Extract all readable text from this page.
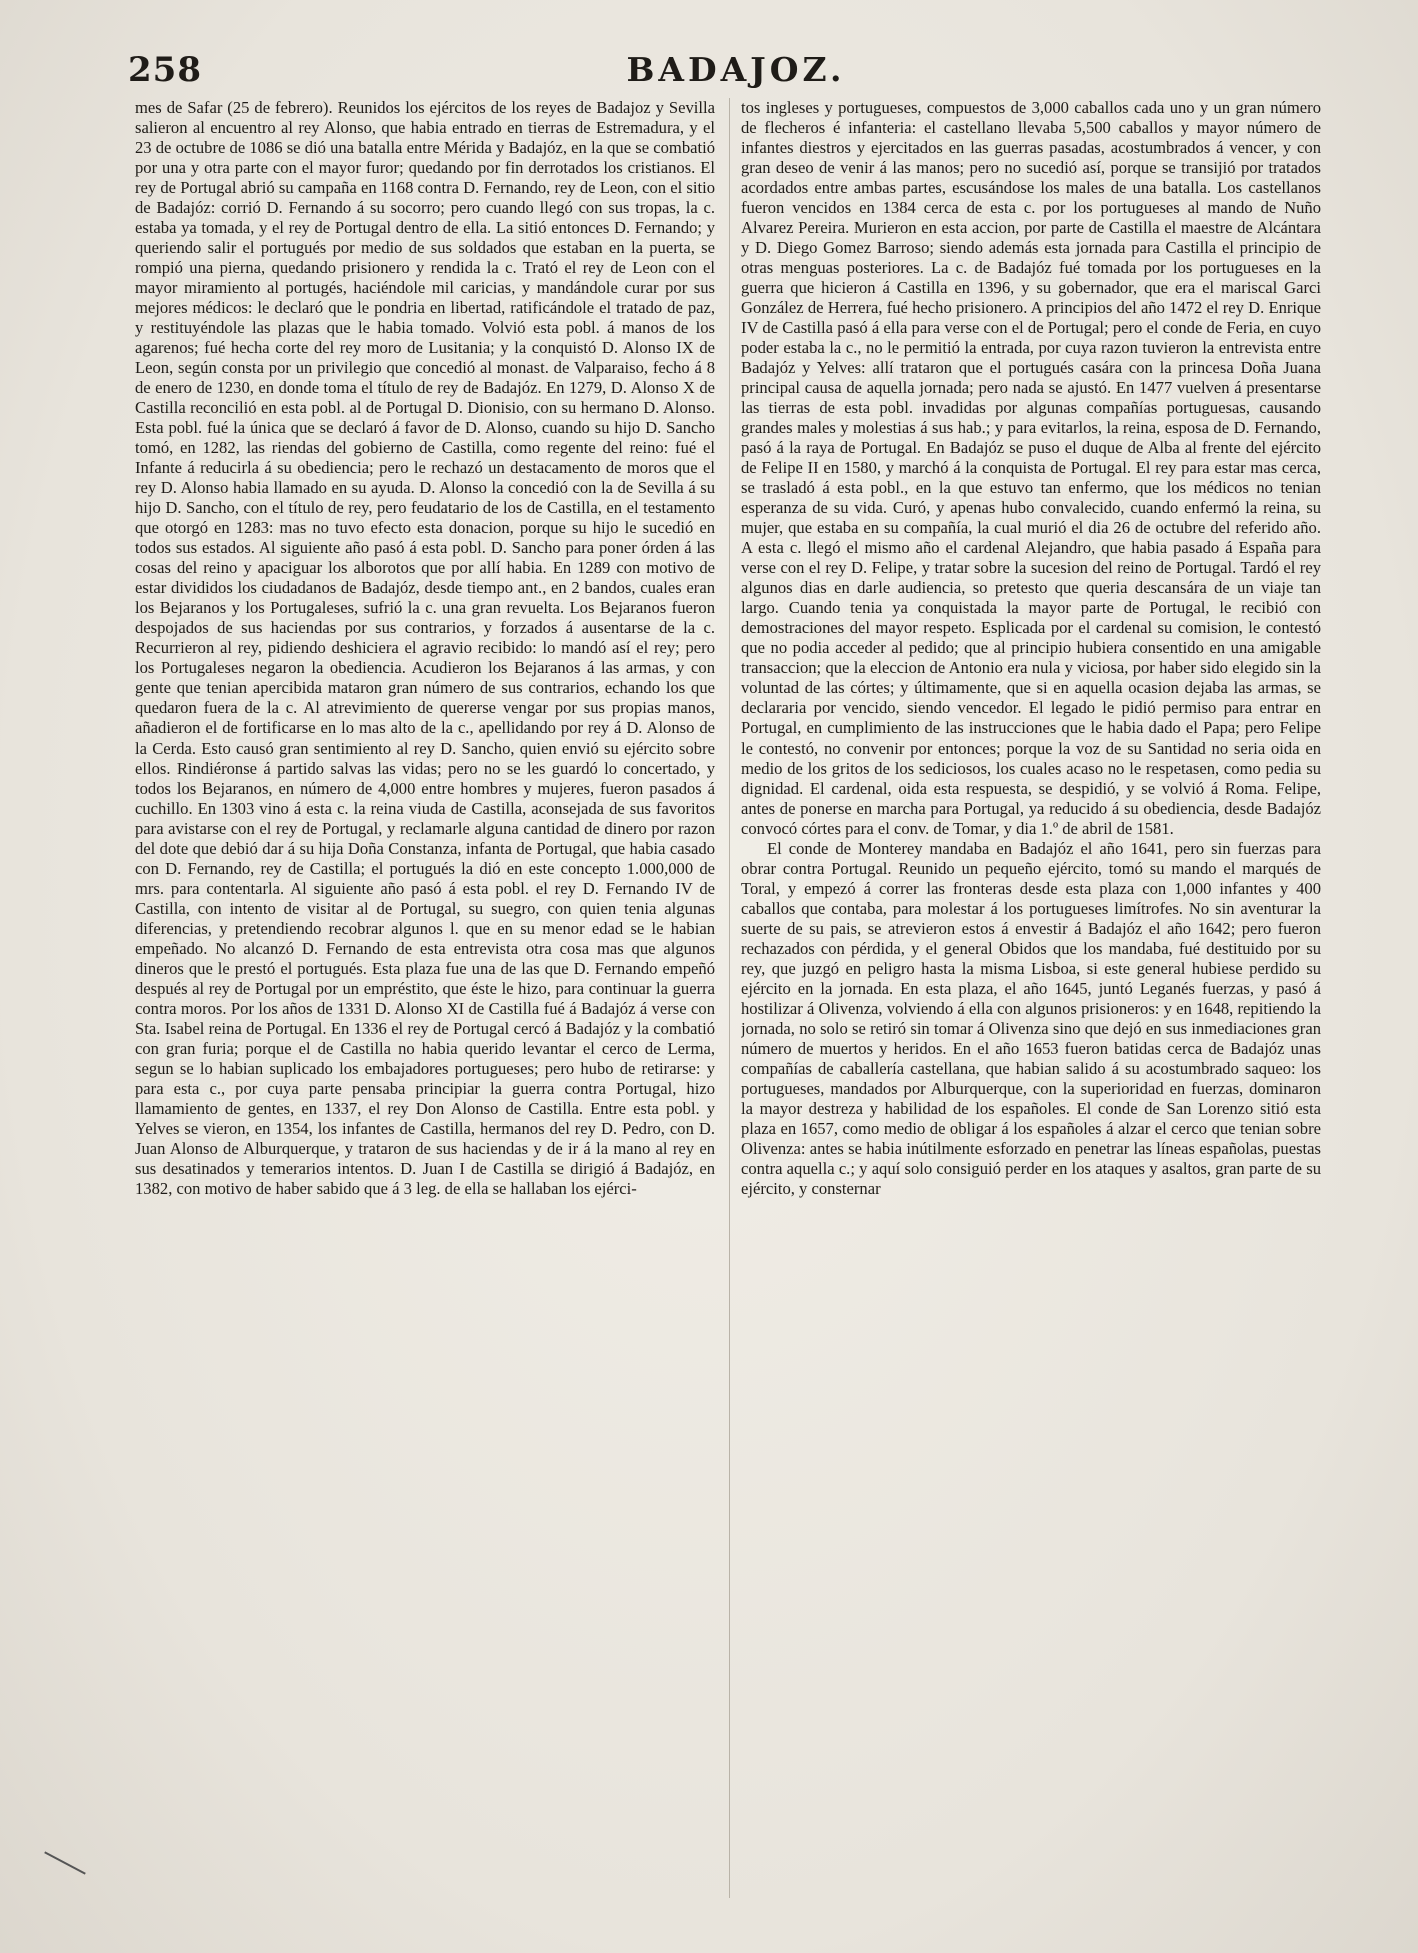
258	BADAJOZ.

mes de Safar (25 de febrero). Reunidos los ejércitos de los reyes de Badajoz y Sevilla salieron al encuentro al rey Alonso, que habia entrado en tierras de Estremadura, y el 23 de octubre de 1086 se dió una batalla entre Mérida y Badajóz, en la que se combatió por una y otra parte con el mayor furor; quedando por fin derrotados los cristianos. El rey de Portugal abrió su campaña en 1168 contra D. Fernando, rey de Leon, con el sitio de Badajóz: corrió D. Fernando á su socorro; pero cuando llegó con sus tropas, la c. estaba ya tomada, y el rey de Portugal dentro de ella. La sitió entonces D. Fernando; y queriendo salir el portugués por medio de sus soldados que estaban en la puerta, se rompió una pierna, quedando prisionero y rendida la c. Trató el rey de Leon con el mayor miramiento al portugés, haciéndole mil caricias, y mandándole curar por sus mejores médicos: le declaró que le pondria en libertad, ratificándole el tratado de paz, y restituyéndole las plazas que le habia tomado. Volvió esta pobl. á manos de los agarenos; fué hecha corte del rey moro de Lusitania; y la conquistó D. Alonso IX de Leon, según consta por un privilegio que concedió al monast. de Valparaiso, fecho á 8 de enero de 1230, en donde toma el título de rey de Badajóz. En 1279, D. Alonso X de Castilla reconcilió en esta pobl. al de Portugal D. Dionisio, con su hermano D. Alonso. Esta pobl. fué la única que se declaró á favor de D. Alonso, cuando su hijo D. Sancho tomó, en 1282, las riendas del gobierno de Castilla, como regente del reino: fué el Infante á reducirla á su obediencia; pero le rechazó un destacamento de moros que el rey D. Alonso habia llamado en su ayuda. D. Alonso la concedió con la de Sevilla á su hijo D. Sancho, con el título de rey, pero feudatario de los de Castilla, en el testamento que otorgó en 1283: mas no tuvo efecto esta donacion, porque su hijo le sucedió en todos sus estados. Al siguiente año pasó á esta pobl. D. Sancho para poner órden á las cosas del reino y apaciguar los alborotos que por allí habia. En 1289 con motivo de estar divididos los ciudadanos de Badajóz, desde tiempo ant., en 2 bandos, cuales eran los Bejaranos y los Portugaleses, sufrió la c. una gran revuelta. Los Bejaranos fueron despojados de sus haciendas por sus contrarios, y forzados á ausentarse de la c. Recurrieron al rey, pidiendo deshiciera el agravio recibido: lo mandó así el rey; pero los Portugaleses negaron la obediencia. Acudieron los Bejaranos á las armas, y con gente que tenian apercibida mataron gran número de sus contrarios, echando los que quedaron fuera de la c. Al atrevimiento de quererse vengar por sus propias manos, añadieron el de fortificarse en lo mas alto de la c., apellidando por rey á D. Alonso de la Cerda. Esto causó gran sentimiento al rey D. Sancho, quien envió su ejército sobre ellos. Rindiéronse á partido salvas las vidas; pero no se les guardó lo concertado, y todos los Bejaranos, en número de 4,000 entre hombres y mujeres, fueron pasados á cuchillo. En 1303 vino á esta c. la reina viuda de Castilla, aconsejada de sus favoritos para avistarse con el rey de Portugal, y reclamarle alguna cantidad de dinero por razon del dote que debió dar á su hija Doña Constanza, infanta de Portugal, que habia casado con D. Fernando, rey de Castilla; el portugués la dió en este concepto 1.000,000 de mrs. para contentarla. Al siguiente año pasó á esta pobl. el rey D. Fernando IV de Castilla, con intento de visitar al de Portugal, su suegro, con quien tenia algunas diferencias, y pretendiendo recobrar algunos l. que en su menor edad se le habian empeñado. No alcanzó D. Fernando de esta entrevista otra cosa mas que algunos dineros que le prestó el portugués. Esta plaza fue una de las que D. Fernando empeñó después al rey de Portugal por un empréstito, que éste le hizo, para continuar la guerra contra moros. Por los años de 1331 D. Alonso XI de Castilla fué á Badajóz á verse con Sta. Isabel reina de Portugal. En 1336 el rey de Portugal cercó á Badajóz y la combatió con gran furia; porque el de Castilla no habia querido levantar el cerco de Lerma, segun se lo habian suplicado los embajadores portugueses; pero hubo de retirarse: y para esta c., por cuya parte pensaba principiar la guerra contra Portugal, hizo llamamiento de gentes, en 1337, el rey Don Alonso de Castilla. Entre esta pobl. y Yelves se vieron, en 1354, los infantes de Castilla, hermanos del rey D. Pedro, con D. Juan Alonso de Alburquerque, y trataron de sus haciendas y de ir á la mano al rey en sus desatinados y temerarios intentos. D. Juan I de Castilla se dirigió á Badajóz, en 1382, con motivo de haber sabido que á 3 leg. de ella se hallaban los ejérci-

tos ingleses y portugueses, compuestos de 3,000 caballos cada uno y un gran número de flecheros é infanteria: el castellano llevaba 5,500 caballos y mayor número de infantes diestros y ejercitados en las guerras pasadas, acostumbrados á vencer, y con gran deseo de venir á las manos; pero no sucedió así, porque se transijió por tratados acordados entre ambas partes, escusándose los males de una batalla. Los castellanos fueron vencidos en 1384 cerca de esta c. por los portugueses al mando de Nuño Alvarez Pereira. Murieron en esta accion, por parte de Castilla el maestre de Alcántara y D. Diego Gomez Barroso; siendo además esta jornada para Castilla el principio de otras menguas posteriores. La c. de Badajóz fué tomada por los portugueses en la guerra que hicieron á Castilla en 1396, y su gobernador, que era el mariscal Garci González de Herrera, fué hecho prisionero. A principios del año 1472 el rey D. Enrique IV de Castilla pasó á ella para verse con el de Portugal; pero el conde de Feria, en cuyo poder estaba la c., no le permitió la entrada, por cuya razon tuvieron la entrevista entre Badajóz y Yelves: allí trataron que el portugués casára con la princesa Doña Juana principal causa de aquella jornada; pero nada se ajustó. En 1477 vuelven á presentarse las tierras de esta pobl. invadidas por algunas compañías portuguesas, causando grandes males y molestias á sus hab.; y para evitarlos, la reina, esposa de D. Fernando, pasó á la raya de Portugal. En Badajóz se puso el duque de Alba al frente del ejército de Felipe II en 1580, y marchó á la conquista de Portugal. El rey para estar mas cerca, se trasladó á esta pobl., en la que estuvo tan enfermo, que los médicos no tenian esperanza de su vida. Curó, y apenas hubo convalecido, cuando enfermó la reina, su mujer, que estaba en su compañía, la cual murió el dia 26 de octubre del referido año. A esta c. llegó el mismo año el cardenal Alejandro, que habia pasado á España para verse con el rey D. Felipe, y tratar sobre la sucesion del reino de Portugal. Tardó el rey algunos dias en darle audiencia, so pretesto que queria descansára de un viaje tan largo. Cuando tenia ya conquistada la mayor parte de Portugal, le recibió con demostraciones del mayor respeto. Esplicada por el cardenal su comision, le contestó que no podia acceder al pedido; que al principio hubiera consentido en una amigable transaccion; que la eleccion de Antonio era nula y viciosa, por haber sido elegido sin la voluntad de las córtes; y últimamente, que si en aquella ocasion dejaba las armas, se declararia por vencido, siendo vencedor. El legado le pidió permiso para entrar en Portugal, en cumplimiento de las instrucciones que le habia dado el Papa; pero Felipe le contestó, no convenir por entonces; porque la voz de su Santidad no seria oida en medio de los gritos de los sediciosos, los cuales acaso no le respetasen, como pedia su dignidad. El cardenal, oida esta respuesta, se despidió, y se volvió á Roma. Felipe, antes de ponerse en marcha para Portugal, ya reducido á su obediencia, desde Badajóz convocó córtes para el conv. de Tomar, y dia 1.º de abril de 1581.

El conde de Monterey mandaba en Badajóz el año 1641, pero sin fuerzas para obrar contra Portugal. Reunido un pequeño ejército, tomó su mando el marqués de Toral, y empezó á correr las fronteras desde esta plaza con 1,000 infantes y 400 caballos que contaba, para molestar á los portugueses limítrofes. No sin aventurar la suerte de su pais, se atrevieron estos á envestir á Badajóz el año 1642; pero fueron rechazados con pérdida, y el general Obidos que los mandaba, fué destituido por su rey, que juzgó en peligro hasta la misma Lisboa, si este general hubiese perdido su ejército en la jornada. En esta plaza, el año 1645, juntó Leganés fuerzas, y pasó á hostilizar á Olivenza, volviendo á ella con algunos prisioneros: y en 1648, repitiendo la jornada, no solo se retiró sin tomar á Olivenza sino que dejó en sus inmediaciones gran número de muertos y heridos. En el año 1653 fueron batidas cerca de Badajóz unas compañías de caballería castellana, que habian salido á su acostumbrado saqueo: los portugueses, mandados por Alburquerque, con la superioridad en fuerzas, dominaron la mayor destreza y habilidad de los españoles. El conde de San Lorenzo sitió esta plaza en 1657, como medio de obligar á los españoles á alzar el cerco que tenian sobre Olivenza: antes se habia inútilmente esforzado en penetrar las líneas españolas, puestas contra aquella c.; y aquí solo consiguió perder en los ataques y asaltos, gran parte de su ejército, y consternar
